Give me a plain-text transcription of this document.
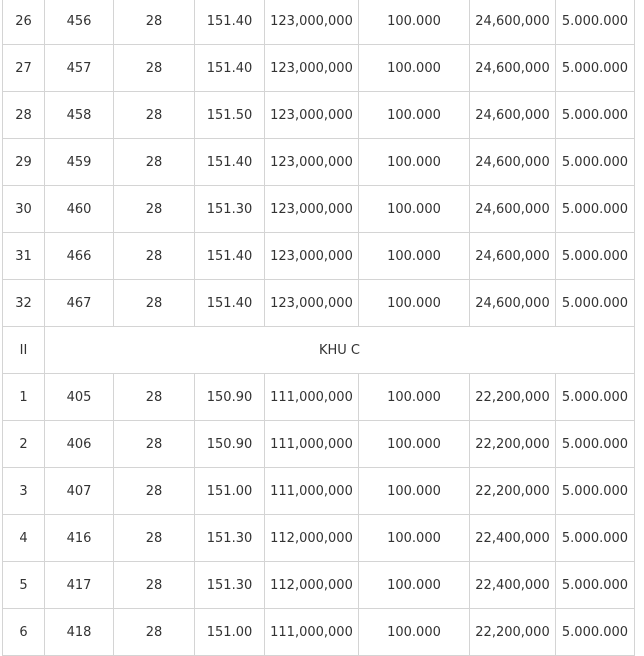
26	456	28	151.40	123,000,000	100.000	24,600,000	5.000.000
27	457	28	151.40	123,000,000	100.000	24,600,000	5.000.000
28	458	28	151.50	123,000,000	100.000	24,600,000	5.000.000
29	459	28	151.40	123,000,000	100.000	24,600,000	5.000.000
30	460	28	151.30	123,000,000	100.000	24,600,000	5.000.000
31	466	28	151.40	123,000,000	100.000	24,600,000	5.000.000
32	467	28	151.40	123,000,000	100.000	24,600,000	5.000.000
II	KHU C						
1	405	28	150.90	111,000,000	100.000	22,200,000	5.000.000
2	406	28	150.90	111,000,000	100.000	22,200,000	5.000.000
3	407	28	151.00	111,000,000	100.000	22,200,000	5.000.000
4	416	28	151.30	112,000,000	100.000	22,400,000	5.000.000
5	417	28	151.30	112,000,000	100.000	22,400,000	5.000.000
6	418	28	151.00	111,000,000	100.000	22,200,000	5.000.000
